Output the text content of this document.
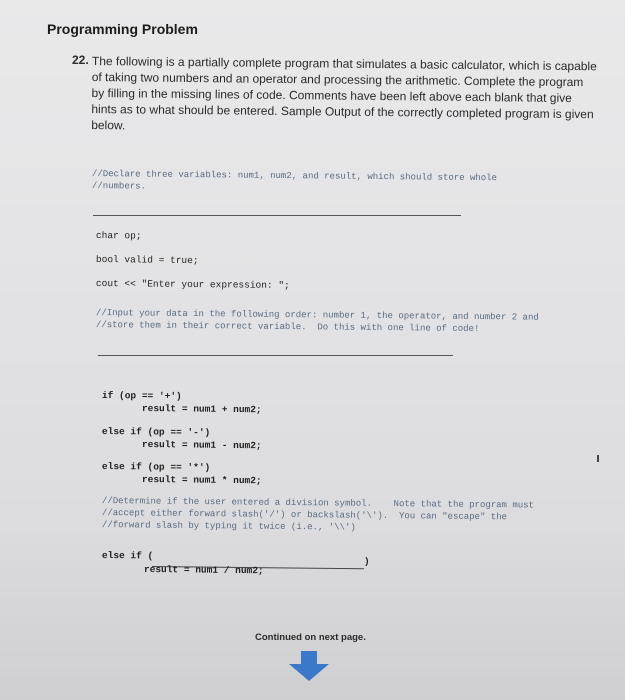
Programming Problem
22. The following is a partially complete program that simulates a basic calculator, which is capable of taking two numbers and an operator and processing the arithmetic. Complete the program by filling in the missing lines of code. Comments have been left above each blank that give hints as to what should be entered. Sample Output of the correctly completed program is given below.
//Declare three variables: num1, num2, and result, which should store whole
//numbers.
char op;
bool valid = true;
cout << "Enter your expression: ";
//Input your data in the following order: number 1, the operator, and number 2 and
//store them in their correct variable.  Do this with one line of code!
if (op == '+')
result = num1 + num2;
else if (op == '-')
result = num1 - num2;
else if (op == '*')
result = num1 * num2;
//Determine if the user entered a division symbol.    Note that the program must
//accept either forward slash('/') or backslash('\').  You can "escape" the
//forward slash by typing it twice (i.e., '\\')
else if (	)
result = num1 / num2;
Continued on next page.
